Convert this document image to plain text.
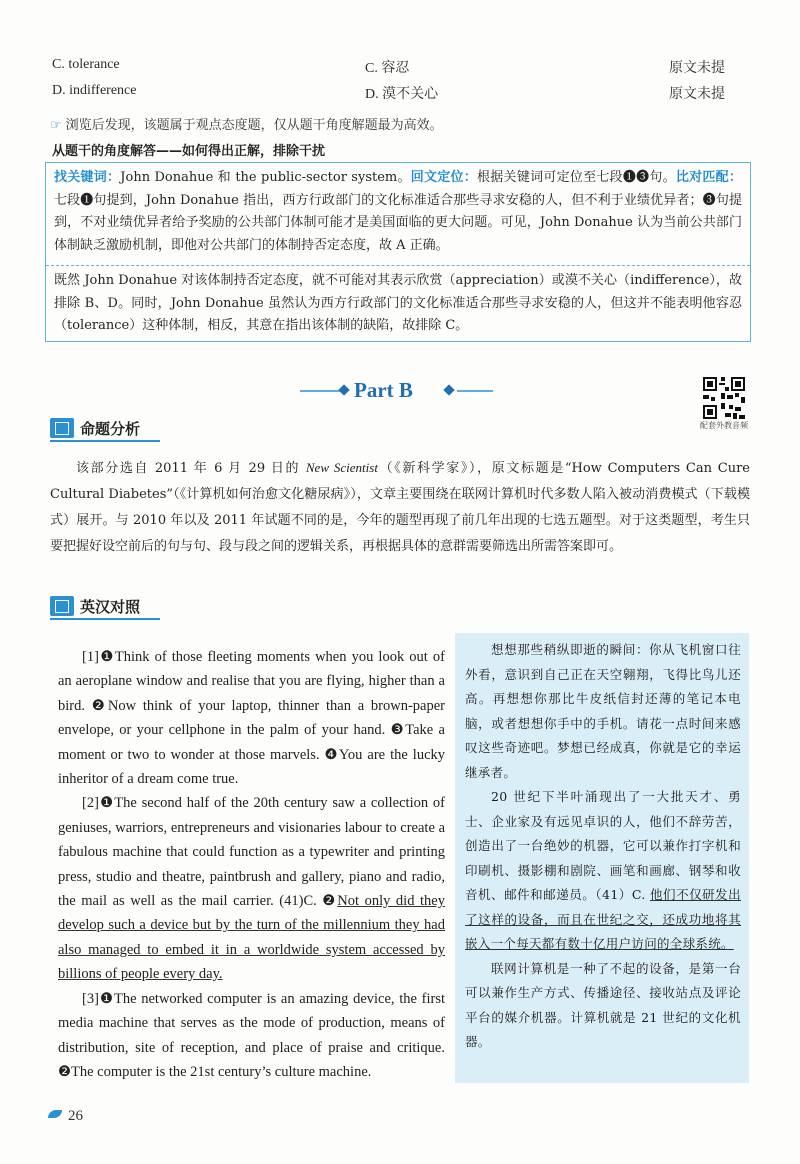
C. tolerance	C. 容忍	原文未提
D. indifference	D. 漠不关心	原文未提
☞ 浏览后发现，该题属于观点态度题，仅从题干角度解题最为高效。
从题干的角度解答——如何得出正解，排除干扰
找关键词：John Donahue 和 the public-sector system。回文定位：根据关键词可定位至七段❶❸句。比对匹配：七段❶句提到，John Donahue 指出，西方行政部门的文化标准适合那些寻求安稳的人，但不利于业绩优异者；❸句提到，不对业绩优异者给予奖励的公共部门体制可能才是美国面临的更大问题。可见，John Donahue 认为当前公共部门体制缺乏激励机制，即他对公共部门的体制持否定态度，故 A 正确。
既然 John Donahue 对该体制持否定态度，就不可能对其表示欣赏（appreciation）或漠不关心（indifference），故排除 B、D。同时，John Donahue 虽然认为西方行政部门的文化标准适合那些寻求安稳的人，但这并不能表明他容忍（tolerance）这种体制，相反，其意在指出该体制的缺陷，故排除 C。
Part B
配套外教音频
命题分析
该部分选自 2011 年 6 月 29 日的 New Scientist（《新科学家》），原文标题是“How Computers Can Cure Cultural Diabetes”（《计算机如何治愈文化糖尿病》），文章主要围绕在联网计算机时代多数人陷入被动消费模式（下载模式）展开。与 2010 年以及 2011 年试题不同的是，今年的题型再现了前几年出现的七选五题型。对于这类题型，考生只要把握好设空前后的句与句、段与段之间的逻辑关系，再根据具体的意群需要筛选出所需答案即可。
英汉对照

[1]❶Think of those fleeting moments when you look out of an aeroplane window and realise that you are flying, higher than a bird. ❷Now think of your laptop, thinner than a brown-paper envelope, or your cellphone in the palm of your hand. ❸Take a moment or two to wonder at those marvels. ❹You are the lucky inheritor of a dream come true.

[2]❶The second half of the 20th century saw a collection of geniuses, warriors, entrepreneurs and visionaries labour to create a fabulous machine that could function as a typewriter and printing press, studio and theatre, paintbrush and gallery, piano and radio, the mail as well as the mail carrier. (41)C. ❷Not only did they develop such a device but by the turn of the millennium they had also managed to embed it in a worldwide system accessed by billions of people every day.

[3]❶The networked computer is an amazing device, the first media machine that serves as the mode of production, means of distribution, site of reception, and place of praise and critique. ❷The computer is the 21st century’s culture machine.

想想那些稍纵即逝的瞬间：你从飞机窗口往外看，意识到自己正在天空翱翔，飞得比鸟儿还高。再想想你那比牛皮纸信封还薄的笔记本电脑，或者想想你手中的手机。请花一点时间来感叹这些奇迹吧。梦想已经成真，你就是它的幸运继承者。

20 世纪下半叶涌现出了一大批天才、勇士、企业家及有远见卓识的人，他们不辞劳苦，创造出了一台绝妙的机器，它可以兼作打字机和印刷机、摄影棚和剧院、画笔和画廊、钢琴和收音机、邮件和邮递员。（41）C. 他们不仅研发出了这样的设备，而且在世纪之交，还成功地将其嵌入一个每天都有数十亿用户访问的全球系统。

联网计算机是一种了不起的设备，是第一台可以兼作生产方式、传播途径、接收站点及评论平台的媒介机器。计算机就是 21 世纪的文化机器。

26
